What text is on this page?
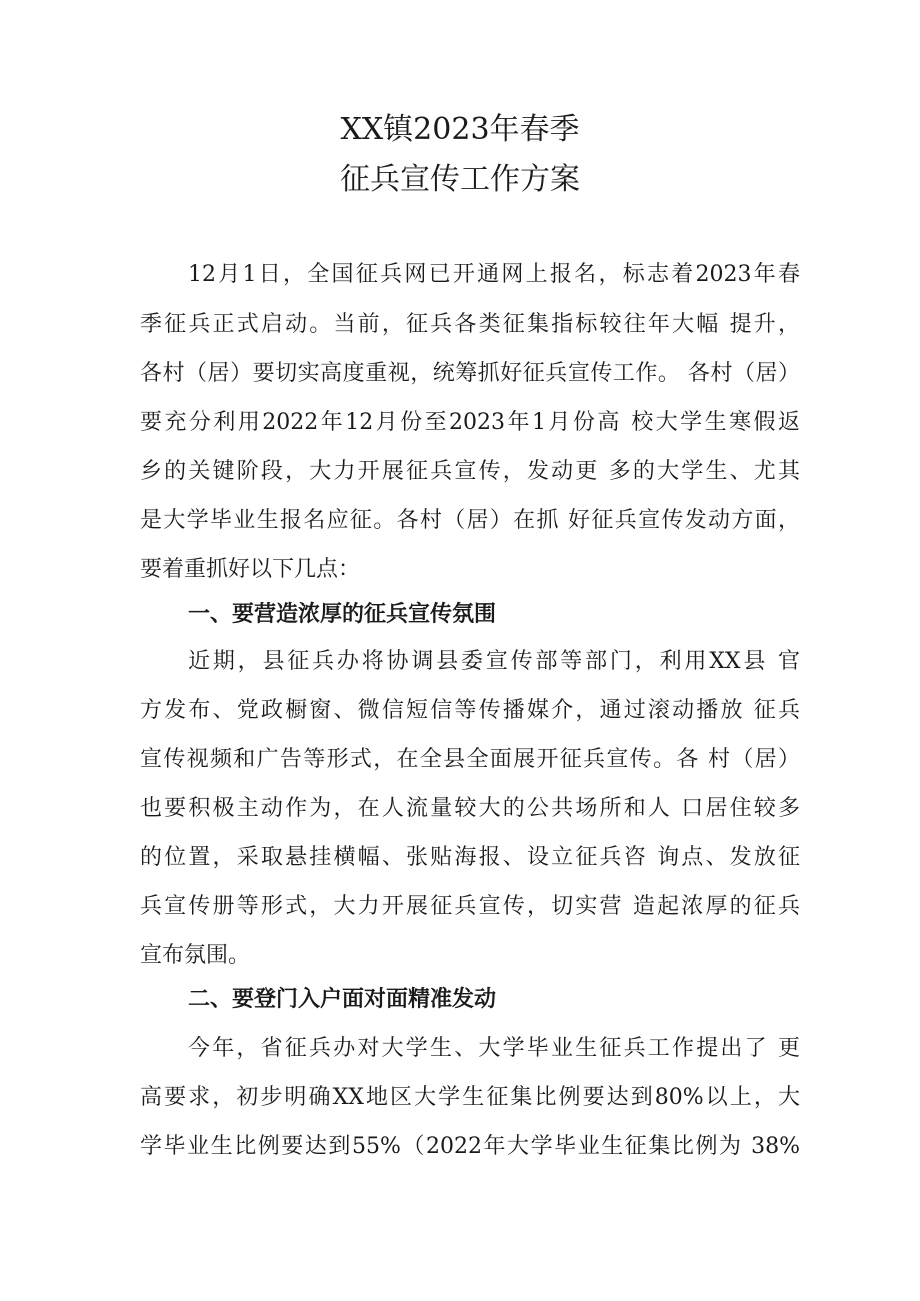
XX镇2023年春季
征兵宣传工作方案

12月1日，全国征兵网已开通网上报名，标志着2023年春

季征兵正式启动。当前，征兵各类征集指标较往年大幅 提升，

各村（居）要切实高度重视，统筹抓好征兵宣传工作。 各村（居）

要充分利用2022年12月份至2023年1月份高 校大学生寒假返

乡的关键阶段，大力开展征兵宣传，发动更 多的大学生、尤其

是大学毕业生报名应征。各村（居）在抓 好征兵宣传发动方面，

要着重抓好以下几点：

一、要营造浓厚的征兵宣传氛围

近期，县征兵办将协调县委宣传部等部门，利用XX县 官

方发布、党政橱窗、微信短信等传播媒介，通过滚动播放 征兵

宣传视频和广告等形式，在全县全面展开征兵宣传。各 村（居）

也要积极主动作为，在人流量较大的公共场所和人 口居住较多

的位置，采取悬挂横幅、张贴海报、设立征兵咨 询点、发放征

兵宣传册等形式，大力开展征兵宣传，切实营 造起浓厚的征兵

宣布氛围。

二、要登门入户面对面精准发动

今年，省征兵办对大学生、大学毕业生征兵工作提出了 更

高要求，初步明确XX地区大学生征集比例要达到80%以上，大

学毕业生比例要达到55%（2022年大学毕业生征集比例为 38%
